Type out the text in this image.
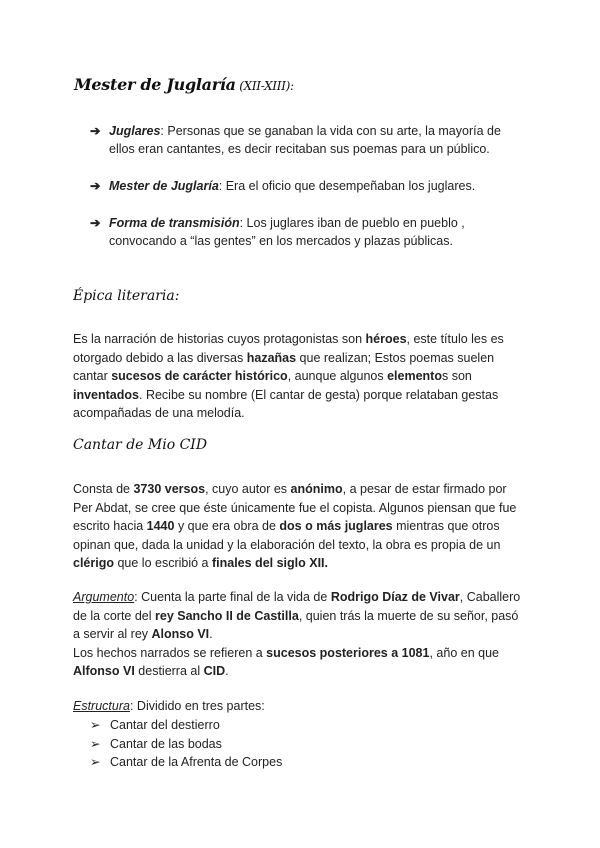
Mester de Juglaría (XII-XIII):
➔ Juglares: Personas que se ganaban la vida con su arte, la mayoría de ellos eran cantantes, es decir recitaban sus poemas para un público.
➔ Mester de Juglaría: Era el oficio que desempeñaban los juglares.
➔ Forma de transmisión: Los juglares iban de pueblo en pueblo , convocando a “las gentes” en los mercados y plazas públicas.
Épica literaria:
Es la narración de historias cuyos protagonistas son héroes, este título les es otorgado debido a las diversas hazañas que realizan; Estos poemas suelen cantar sucesos de carácter histórico, aunque algunos elementos son inventados. Recibe su nombre (El cantar de gesta) porque relataban gestas acompañadas de una melodía.
Cantar de Mio CID
Consta de 3730 versos, cuyo autor es anónimo, a pesar de estar firmado por Per Abdat, se cree que éste únicamente fue el copista. Algunos piensan que fue escrito hacia 1440 y que era obra de dos o más juglares mientras que otros opinan que, dada la unidad y la elaboración del texto, la obra es propia de un clérigo que lo escribió a finales del siglo XII.
Argumento: Cuenta la parte final de la vida de Rodrigo Díaz de Vivar, Caballero de la corte del rey Sancho II de Castilla, quien trás la muerte de su señor, pasó a servir al rey Alonso VI.
Los hechos narrados se refieren a sucesos posteriores a 1081, año en que Alfonso VI destierra al CID.
Estructura: Dividido en tres partes:
➢ Cantar del destierro
➢ Cantar de las bodas
➢ Cantar de la Afrenta de Corpes
